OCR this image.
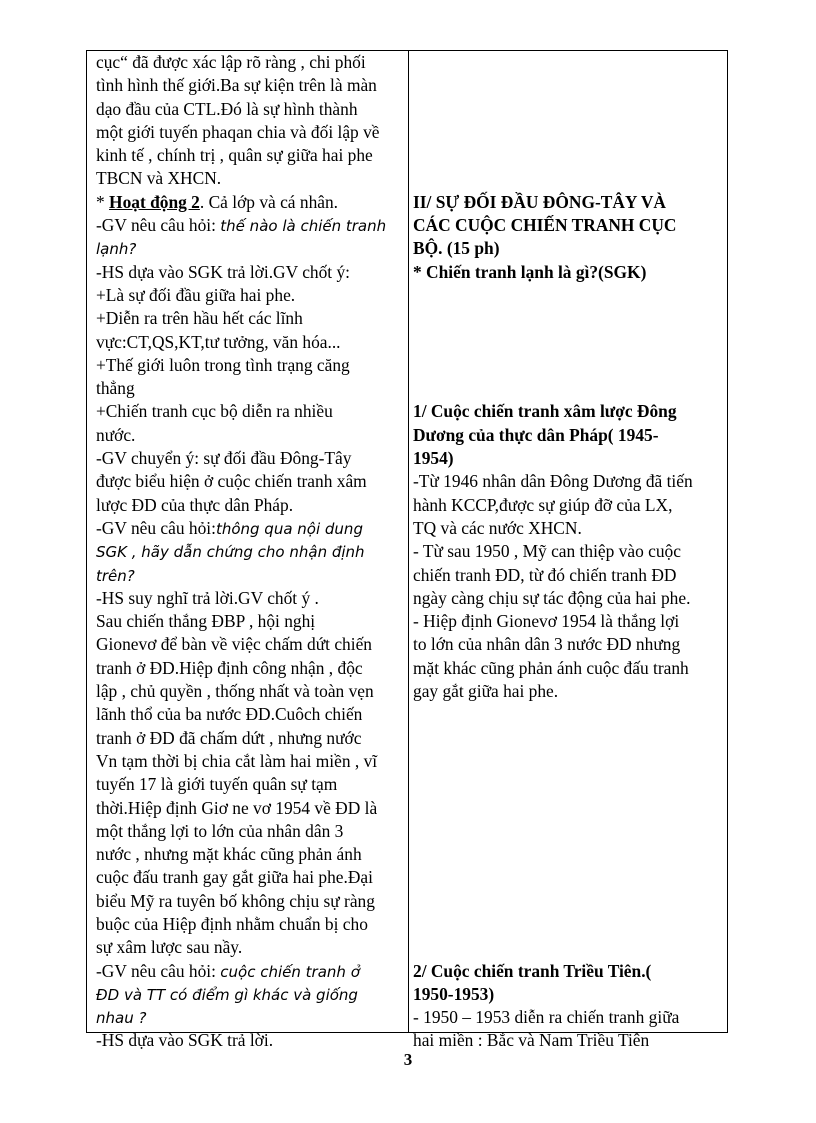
cục“ đã được xác lập rõ ràng , chi phối
tình hình thế giới.Ba sự kiện trên là màn
dạo đầu của CTL.Đó là sự hình thành
một giới tuyến phaqan chia và đối lập về
kinh tế , chính trị , quân sự giữa hai phe
TBCN và XHCN.
* Hoạt động 2. Cả lớp và cá nhân.
-GV nêu câu hỏi: thế nào là chiến tranh
lạnh?
-HS dựa vào SGK trả lời.GV chốt ý:
+Là sự đối đầu giữa hai phe.
+Diễn ra trên hầu hết các lĩnh
vực:CT,QS,KT,tư tưởng, văn hóa...
+Thế giới luôn trong tình trạng căng
thẳng
+Chiến tranh cục bộ diễn ra nhiều
nước.
-GV chuyển ý: sự đối đầu Đông-Tây
được biểu hiện ở cuộc chiến tranh xâm
lược ĐD của thực dân Pháp.
-GV nêu câu hỏi:thông qua nội dung
SGK , hãy dẫn chứng cho nhận định
trên?
-HS suy nghĩ trả lời.GV chốt ý .
Sau chiến thắng ĐBP , hội nghị
Gionevơ để bàn về việc chấm dứt chiến
tranh ở ĐD.Hiệp định công nhận , độc
lập , chủ quyền , thống nhất và toàn vẹn
lãnh thổ của ba nước ĐD.Cuôch chiến
tranh ở ĐD đã chấm dứt , nhưng nước
Vn tạm thời bị chia cắt làm hai miền , vĩ
tuyến 17 là giới tuyến quân sự tạm
thời.Hiệp định Giơ ne vơ 1954 về ĐD là
một thắng lợi to lớn của nhân dân 3
nước , nhưng mặt khác cũng phản ánh
cuộc đấu tranh gay gắt giữa hai phe.Đại
biểu Mỹ ra tuyên bố không chịu sự ràng
buộc của Hiệp định nhằm chuẩn bị cho
sự xâm lược sau nầy.
-GV nêu câu hỏi: cuộc chiến tranh ở
ĐD và TT có điểm gì khác và giống
nhau ?
-HS dựa vào SGK trả lời.
II/ SỰ ĐỐI ĐẦU ĐÔNG-TÂY VÀ
CÁC CUỘC CHIẾN TRANH CỤC
BỘ. (15 ph)
* Chiến tranh lạnh là gì?(SGK)
1/ Cuộc chiến tranh xâm lược Đông
Dương của thực dân Pháp( 1945-
1954)
-Từ 1946 nhân dân Đông Dương đã tiến
hành KCCP,được sự giúp đỡ của LX,
TQ và các nước XHCN.
- Từ sau 1950 , Mỹ can thiệp vào cuộc
chiến tranh ĐD, từ đó chiến tranh ĐD
ngày càng chịu sự tác động của hai phe.
- Hiệp định Gionevơ 1954 là thắng lợi
to lớn của nhân dân 3 nước ĐD nhưng
mặt khác cũng phản ánh cuộc đấu tranh
gay gắt giữa hai phe.
2/ Cuộc chiến tranh Triều Tiên.(
1950-1953)
- 1950 – 1953 diễn ra chiến tranh giữa
hai miền : Bắc và Nam Triều Tiên
3
